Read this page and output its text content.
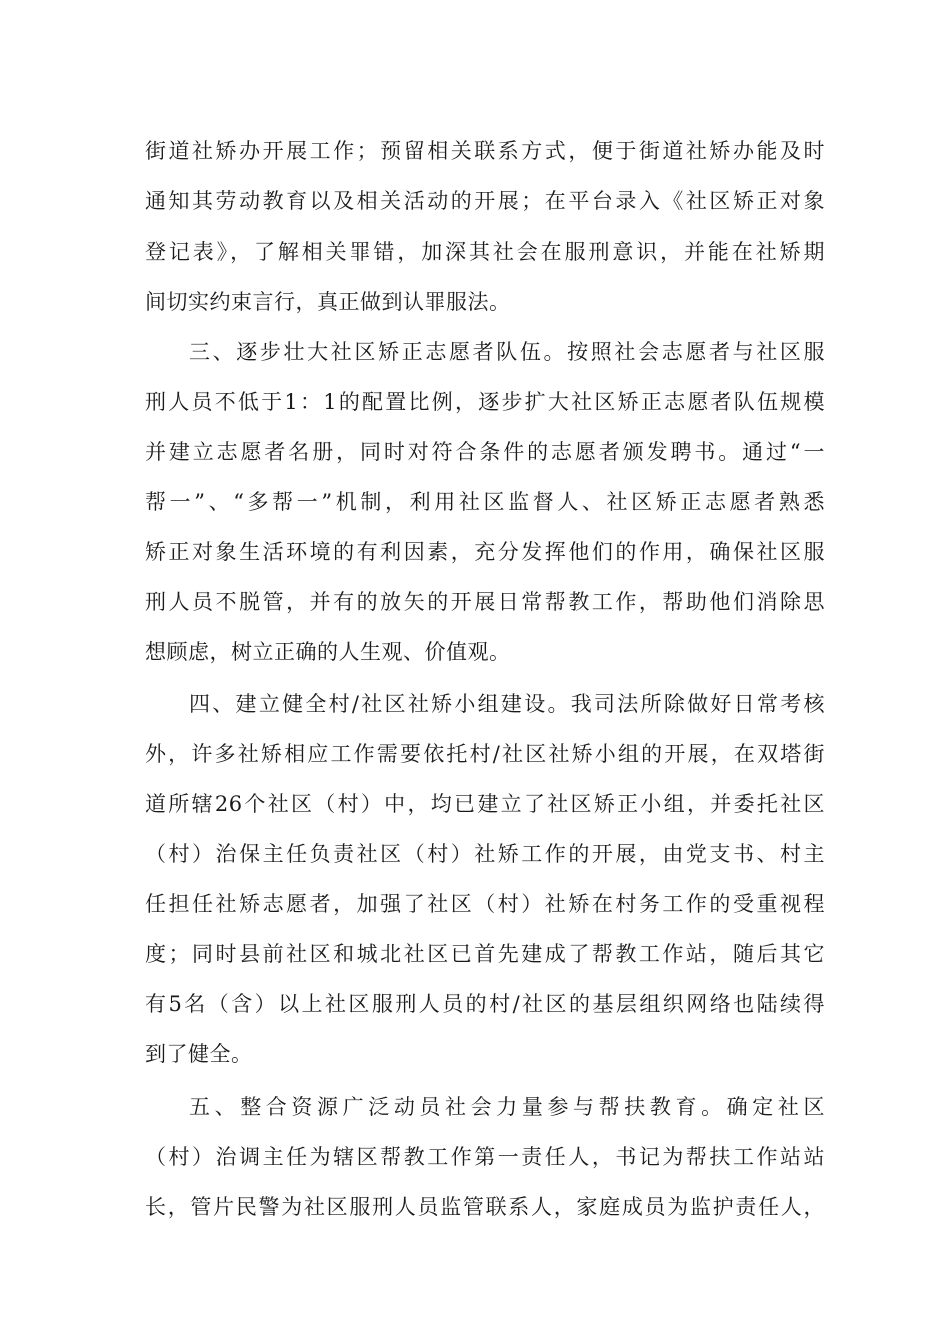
街道社矫办开展工作；预留相关联系方式，便于街道社矫办能及时
通知其劳动教育以及相关活动的开展；在平台录入《社区矫正对象
登记表》，了解相关罪错，加深其社会在服刑意识，并能在社矫期
间切实约束言行，真正做到认罪服法。
三、逐步壮大社区矫正志愿者队伍。按照社会志愿者与社区服
刑人员不低于1：1的配置比例，逐步扩大社区矫正志愿者队伍规模
并建立志愿者名册，同时对符合条件的志愿者颁发聘书。通过“一
帮一”、“多帮一”机制，利用社区监督人、社区矫正志愿者熟悉
矫正对象生活环境的有利因素，充分发挥他们的作用，确保社区服
刑人员不脱管，并有的放矢的开展日常帮教工作，帮助他们消除思
想顾虑，树立正确的人生观、价值观。
四、建立健全村/社区社矫小组建设。我司法所除做好日常考核
外，许多社矫相应工作需要依托村/社区社矫小组的开展，在双塔街
道所辖26个社区（村）中，均已建立了社区矫正小组，并委托社区
（村）治保主任负责社区（村）社矫工作的开展，由党支书、村主
任担任社矫志愿者，加强了社区（村）社矫在村务工作的受重视程
度；同时县前社区和城北社区已首先建成了帮教工作站，随后其它
有5名（含）以上社区服刑人员的村/社区的基层组织网络也陆续得
到了健全。
五、整合资源广泛动员社会力量参与帮扶教育。确定社区
（村）治调主任为辖区帮教工作第一责任人，书记为帮扶工作站站
长，管片民警为社区服刑人员监管联系人，家庭成员为监护责任人，
